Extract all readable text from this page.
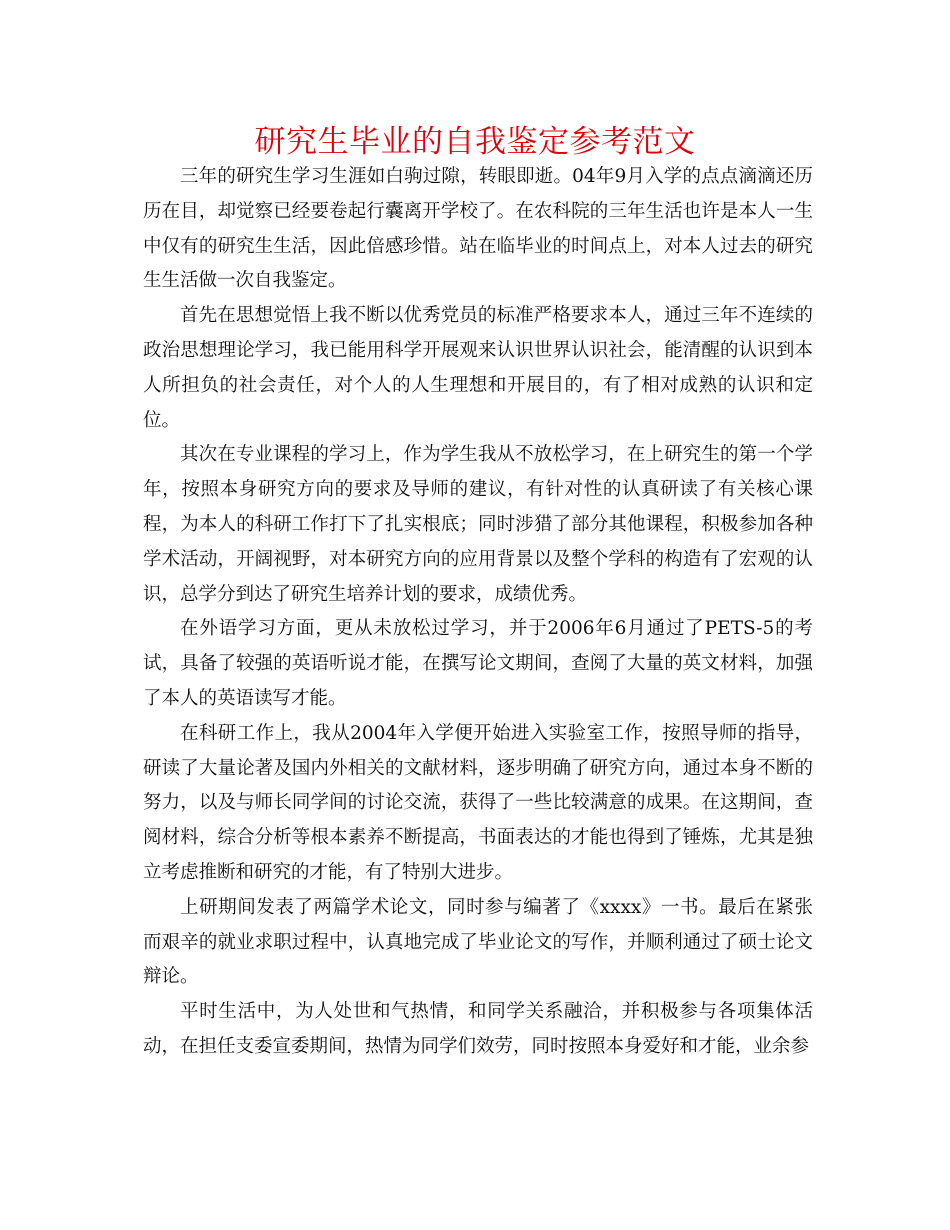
研究生毕业的自我鉴定参考范文

三年的研究生学习生涯如白驹过隙，转眼即逝。04年9月入学的点点滴滴还历历在目，却觉察已经要卷起行囊离开学校了。在农科院的三年生活也许是本人一生中仅有的研究生生活，因此倍感珍惜。站在临毕业的时间点上，对本人过去的研究生生活做一次自我鉴定。

首先在思想觉悟上我不断以优秀党员的标准严格要求本人，通过三年不连续的政治思想理论学习，我已能用科学开展观来认识世界认识社会，能清醒的认识到本人所担负的社会责任，对个人的人生理想和开展目的，有了相对成熟的认识和定位。

其次在专业课程的学习上，作为学生我从不放松学习，在上研究生的第一个学年，按照本身研究方向的要求及导师的建议，有针对性的认真研读了有关核心课程，为本人的科研工作打下了扎实根底；同时涉猎了部分其他课程，积极参加各种学术活动，开阔视野，对本研究方向的应用背景以及整个学科的构造有了宏观的认识，总学分到达了研究生培养计划的要求，成绩优秀。

在外语学习方面，更从未放松过学习，并于2006年6月通过了PETS-5的考试，具备了较强的英语听说才能，在撰写论文期间，查阅了大量的英文材料，加强了本人的英语读写才能。

在科研工作上，我从2004年入学便开始进入实验室工作，按照导师的指导，研读了大量论著及国内外相关的文献材料，逐步明确了研究方向，通过本身不断的努力，以及与师长同学间的讨论交流，获得了一些比较满意的成果。在这期间，查阅材料，综合分析等根本素养不断提高，书面表达的才能也得到了锤炼，尤其是独立考虑推断和研究的才能，有了特别大进步。

上研期间发表了两篇学术论文，同时参与编著了《xxxx》一书。最后在紧张而艰辛的就业求职过程中，认真地完成了毕业论文的写作，并顺利通过了硕士论文辩论。

平时生活中，为人处世和气热情，和同学关系融洽，并积极参与各项集体活动，在担任支委宣委期间，热情为同学们效劳，同时按照本身爱好和才能，业余参
